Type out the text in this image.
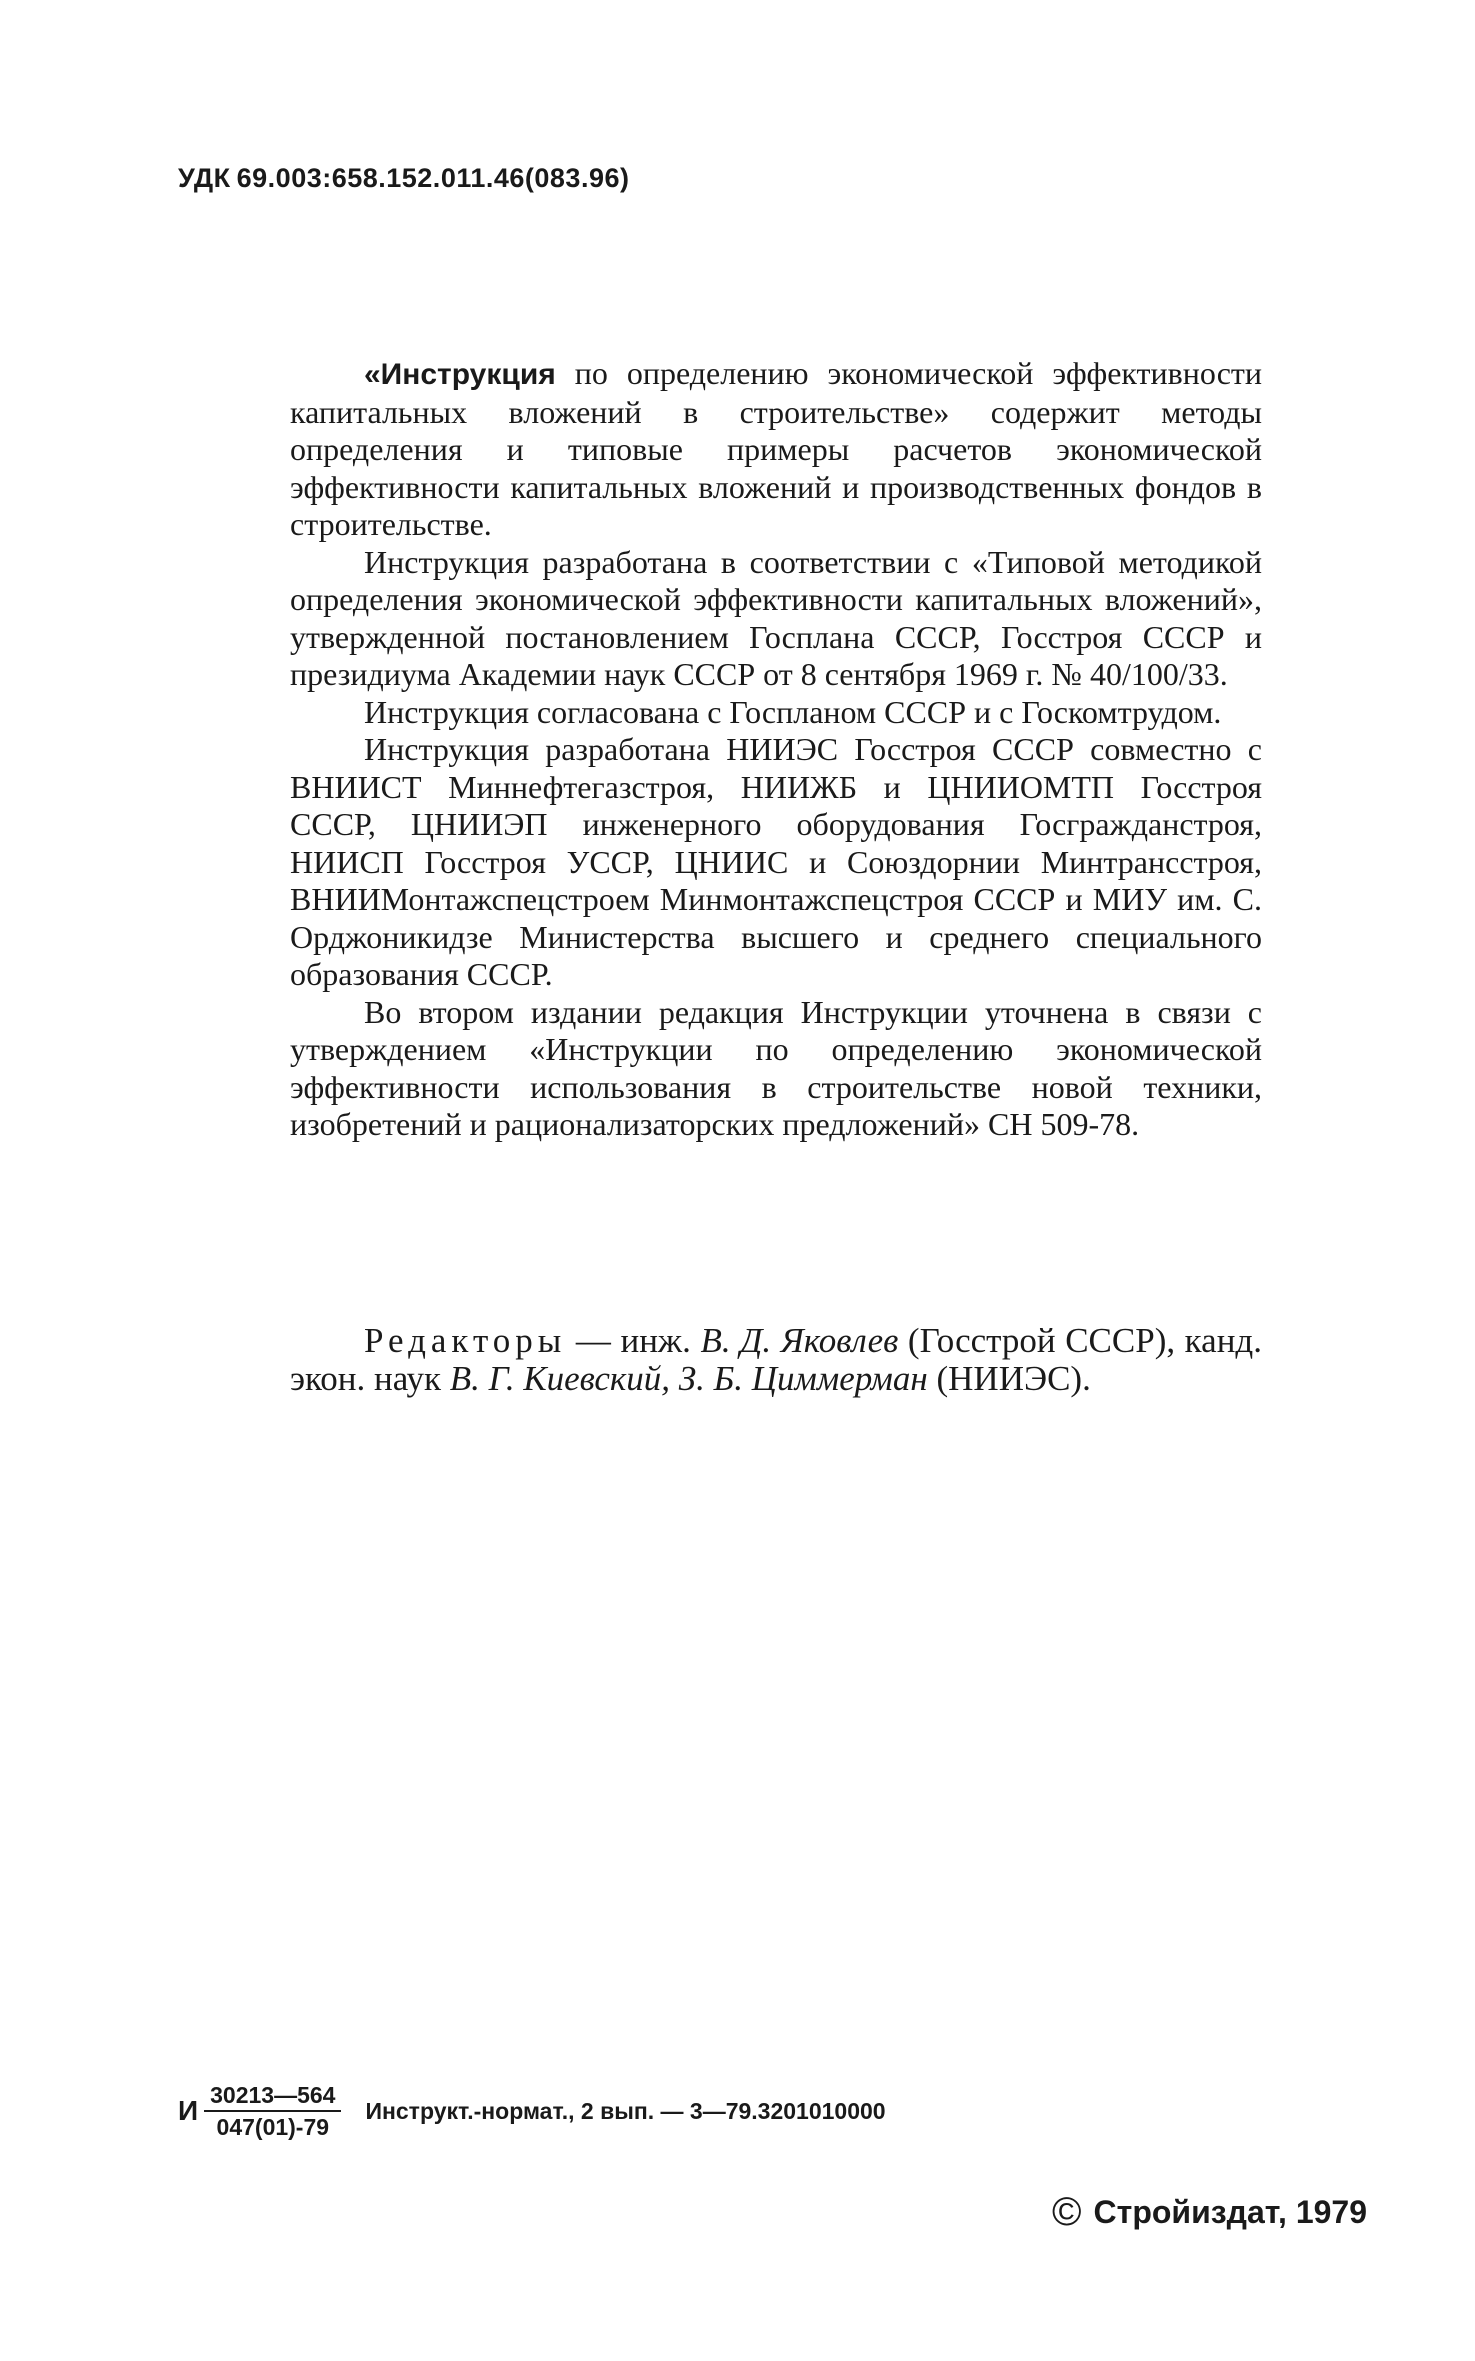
УДК 69.003:658.152.011.46(083.96)

«Инструкция по определению экономической эффективности капитальных вложений в строительстве» содержит методы определения и типовые примеры расчетов экономической эффективности капитальных вложений и производственных фондов в строительстве.

Инструкция разработана в соответствии с «Типовой методикой определения экономической эффективности капитальных вложений», утвержденной постановлением Госплана СССР, Госстроя СССР и президиума Академии наук СССР от 8 сентября 1969 г. № 40/100/33.

Инструкция согласована с Госпланом СССР и с Госкомтрудом.

Инструкция разработана НИИЭС Госстроя СССР совместно с ВНИИСТ Миннефтегазстроя, НИИЖБ и ЦНИИОМТП Госстроя СССР, ЦНИИЭП инженерного оборудования Госгражданстроя, НИИСП Госстроя УССР, ЦНИИС и Союздорнии Минтрансстроя, ВНИИМонтажспецстроем Минмонтажспецстроя СССР и МИУ им. С. Орджоникидзе Министерства высшего и среднего специального образования СССР.

Во втором издании редакция Инструкции уточнена в связи с утверждением «Инструкции по определению экономической эффективности использования в строительстве новой техники, изобретений и рационализаторских предложений» СН 509-78.

Редакторы — инж. В. Д. Яковлев (Госстрой СССР), канд. экон. наук В. Г. Киевский, З. Б. Циммерман (НИИЭС).

И $\frac{30213—564}{047(01)-79}$ Инструкт.-нормат., 2 вып. — 3—79.3201010000
© Стройиздат, 1979
